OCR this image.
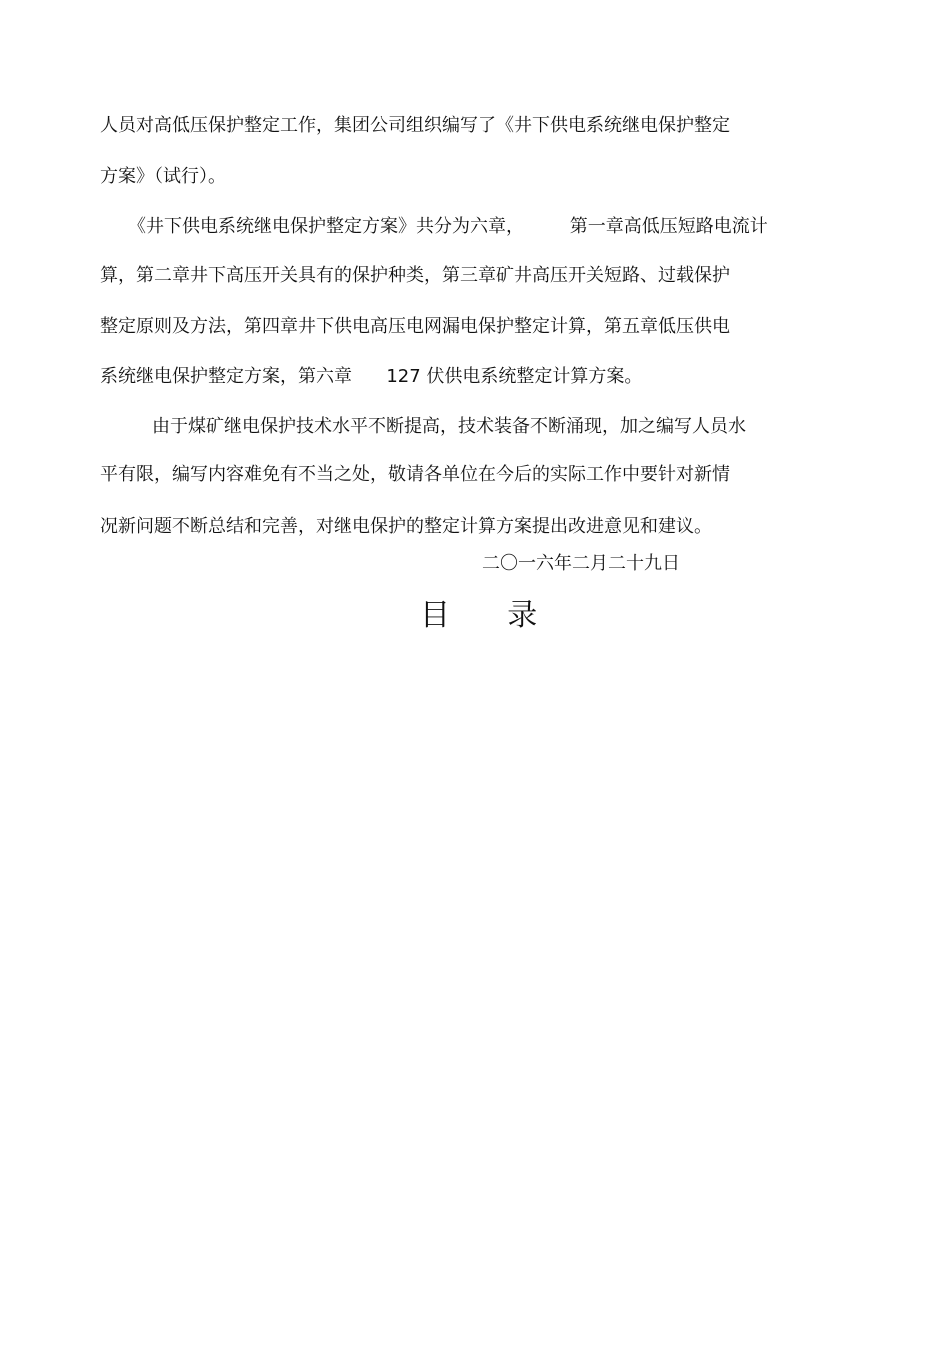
人员对高低压保护整定工作，集团公司组织编写了《井下供电系统继电保护整定
方案》（试行）。
《井下供电系统继电保护整定方案》共分为六章，        第一章高低压短路电流计
算，第二章井下高压开关具有的保护种类，第三章矿井高压开关短路、过载保护
整定原则及方法，第四章井下供电高压电网漏电保护整定计算，第五章低压供电
系统继电保护整定方案，第六章      127 伏供电系统整定计算方案。
由于煤矿继电保护技术水平不断提高，技术装备不断涌现，加之编写人员水
平有限，编写内容难免有不当之处，敬请各单位在今后的实际工作中要针对新情
况新问题不断总结和完善，对继电保护的整定计算方案提出改进意见和建议。
二〇一六年二月二十九日
目      录
